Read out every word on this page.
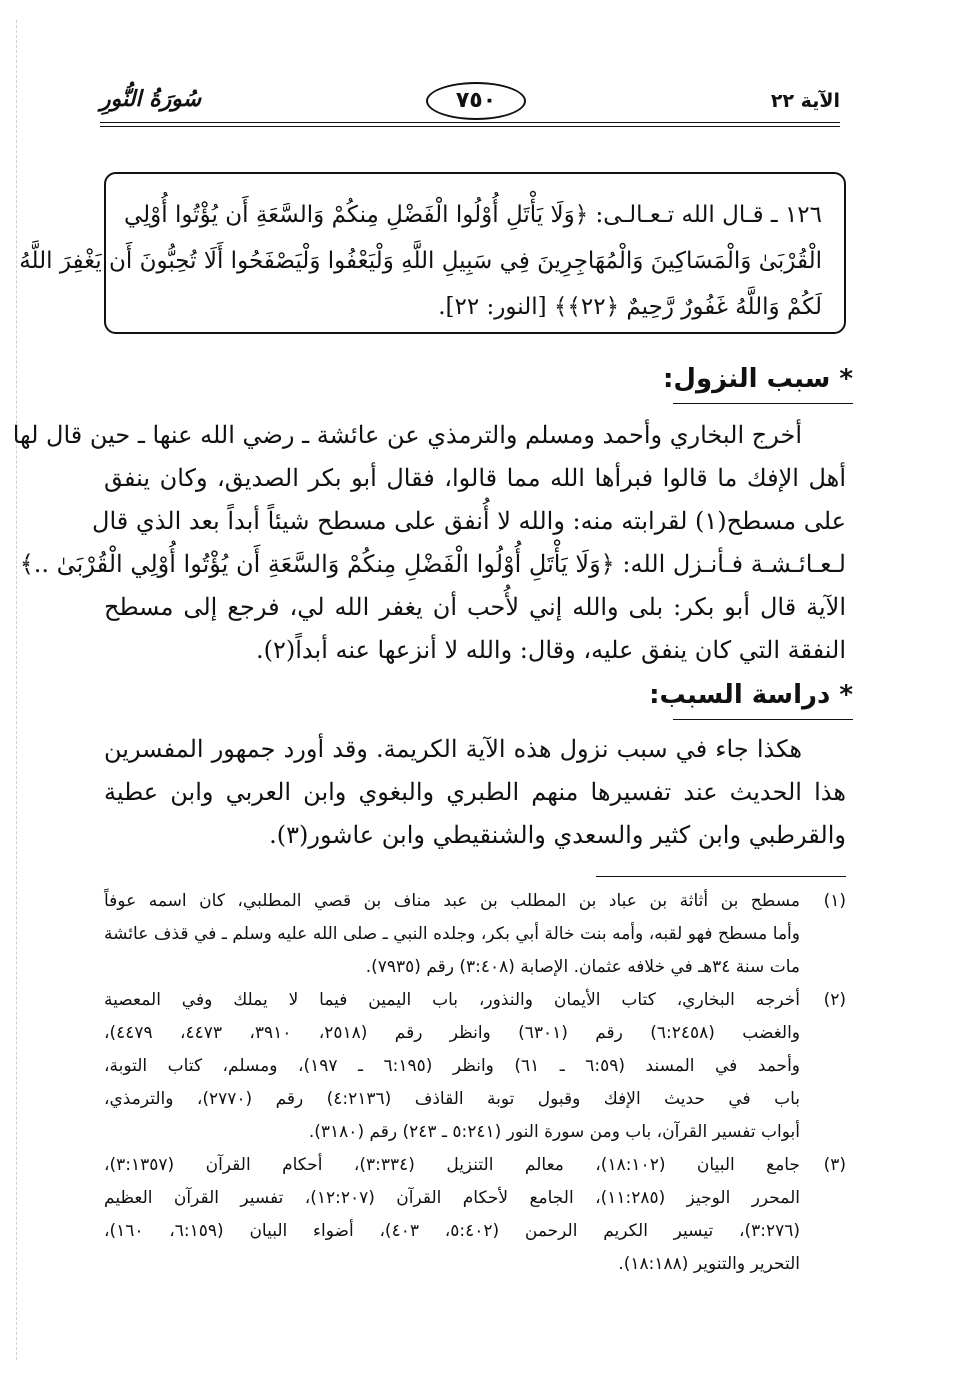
الآية ٢٢
٧٥٠
سُورَةُ النُّورِ
١٢٦ ـ قـال الله تـعـالـى: ﴿وَلَا يَأْتَلِ أُوْلُوا الْفَضْلِ مِنكُمْ وَالسَّعَةِ أَن يُؤْتُوا أُوْلِي
الْقُرْبَىٰ وَالْمَسَاكِينَ وَالْمُهَاجِرِينَ فِي سَبِيلِ اللَّهِ وَلْيَعْفُوا وَلْيَصْفَحُوا أَلَا تُحِبُّونَ أَن يَغْفِرَ اللَّهُ
لَكُمْ وَاللَّهُ غَفُورٌ رَّحِيمٌ ﴿٢٢﴾﴾ [النور: ٢٢].
* سبب النزول:
أخرج البخاري وأحمد ومسلم والترمذي عن عائشة ـ رضي الله عنها ـ حين قال لها
أهل الإفك ما قالوا فبرأها الله مما قالوا، فقال أبو بكر الصديق، وكان ينفق
على مسطح(١) لقرابته منه: والله لا أُنفق على مسطح شيئاً أبداً بعد الذي قال
لـعـائـشـة فـأنـزل الله: ﴿وَلَا يَأْتَلِ أُوْلُوا الْفَضْلِ مِنكُمْ وَالسَّعَةِ أَن يُؤْتُوا أُوْلِي الْقُرْبَىٰ ..﴾
الآية قال أبو بكر: بلى والله إني لأُحب أن يغفر الله لي، فرجع إلى مسطح
النفقة التي كان ينفق عليه، وقال: والله لا أنزعها عنه أبداً(٢).
* دراسة السبب:
هكذا جاء في سبب نزول هذه الآية الكريمة. وقد أورد جمهور المفسرين
هذا الحديث عند تفسيرها منهم الطبري والبغوي وابن العربي وابن عطية
والقرطبي وابن كثير والسعدي والشنقيطي وابن عاشور(٣).
(١)
مسطح بن أثاثة بن عباد بن المطلب بن عبد مناف بن قصي المطلبي، كان اسمه عوفاً
وأما مسطح فهو لقبه، وأمه بنت خالة أبي بكر، وجلده النبي ـ صلى الله عليه وسلم ـ في قذف عائشة
مات سنة ٣٤هـ في خلافه عثمان. الإصابة (٣:٤٠٨) رقم (٧٩٣٥).
(٢)
أخرجه البخاري، كتاب الأيمان والنذور، باب اليمين فيما لا يملك وفي المعصية
والغضب (٦:٢٤٥٨) رقم (٦٣٠١) وانظر رقم (٢٥١٨، ٣٩١٠، ٤٤٧٣، ٤٤٧٩)،
وأحمد في المسند (٦:٥٩ ـ ٦١) وانظر (٦:١٩٥ ـ ١٩٧)، ومسلم، كتاب التوبة،
باب في حديث الإفك وقبول توبة القاذف (٤:٢١٣٦) رقم (٢٧٧٠)، والترمذي،
أبواب تفسير القرآن، باب ومن سورة النور (٥:٢٤١ ـ ٢٤٣) رقم (٣١٨٠).
(٣)
جامع البيان (١٨:١٠٢)، معالم التنزيل (٣:٣٣٤)، أحكام القرآن (٣:١٣٥٧)،
المحرر الوجيز (١١:٢٨٥)، الجامع لأحكام القرآن (١٢:٢٠٧)، تفسير القرآن العظيم
(٣:٢٧٦)، تيسير الكريم الرحمن (٥:٤٠٢، ٤٠٣)، أضواء البيان (٦:١٥٩، ١٦٠)،
التحرير والتنوير (١٨:١٨٨).
